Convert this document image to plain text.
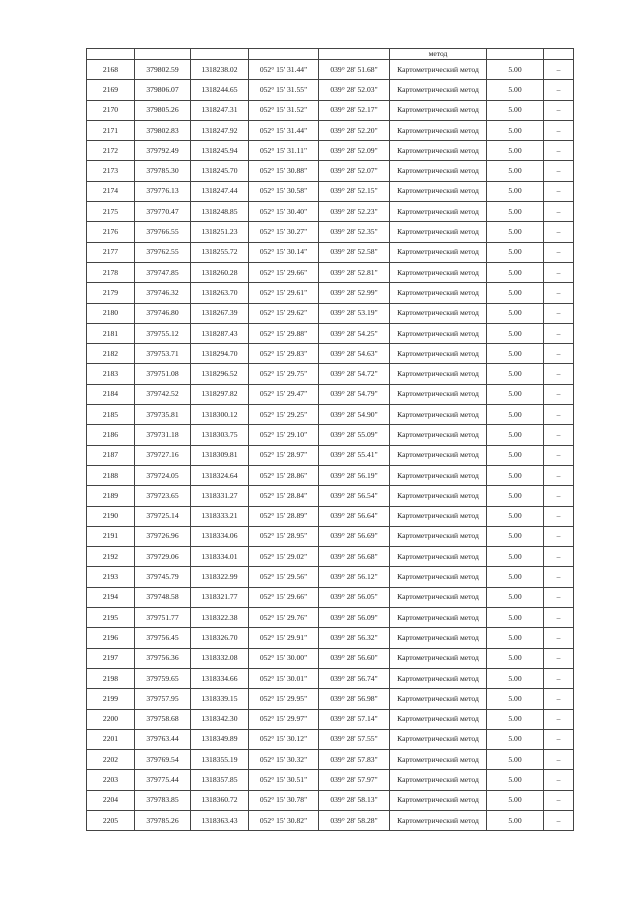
					метод		
2168	379802.59	1318238.02	052° 15' 31.44"	039° 28' 51.68"	Картометрический метод	5.00	–
2169	379806.07	1318244.65	052° 15' 31.55"	039° 28' 52.03"	Картометрический метод	5.00	–
2170	379805.26	1318247.31	052° 15' 31.52"	039° 28' 52.17"	Картометрический метод	5.00	–
2171	379802.83	1318247.92	052° 15' 31.44"	039° 28' 52.20"	Картометрический метод	5.00	–
2172	379792.49	1318245.94	052° 15' 31.11"	039° 28' 52.09"	Картометрический метод	5.00	–
2173	379785.30	1318245.70	052° 15' 30.88"	039° 28' 52.07"	Картометрический метод	5.00	–
2174	379776.13	1318247.44	052° 15' 30.58"	039° 28' 52.15"	Картометрический метод	5.00	–
2175	379770.47	1318248.85	052° 15' 30.40"	039° 28' 52.23"	Картометрический метод	5.00	–
2176	379766.55	1318251.23	052° 15' 30.27"	039° 28' 52.35"	Картометрический метод	5.00	–
2177	379762.55	1318255.72	052° 15' 30.14"	039° 28' 52.58"	Картометрический метод	5.00	–
2178	379747.85	1318260.28	052° 15' 29.66"	039° 28' 52.81"	Картометрический метод	5.00	–
2179	379746.32	1318263.70	052° 15' 29.61"	039° 28' 52.99"	Картометрический метод	5.00	–
2180	379746.80	1318267.39	052° 15' 29.62"	039° 28' 53.19"	Картометрический метод	5.00	–
2181	379755.12	1318287.43	052° 15' 29.88"	039° 28' 54.25"	Картометрический метод	5.00	–
2182	379753.71	1318294.70	052° 15' 29.83"	039° 28' 54.63"	Картометрический метод	5.00	–
2183	379751.08	1318296.52	052° 15' 29.75"	039° 28' 54.72"	Картометрический метод	5.00	–
2184	379742.52	1318297.82	052° 15' 29.47"	039° 28' 54.79"	Картометрический метод	5.00	–
2185	379735.81	1318300.12	052° 15' 29.25"	039° 28' 54.90"	Картометрический метод	5.00	–
2186	379731.18	1318303.75	052° 15' 29.10"	039° 28' 55.09"	Картометрический метод	5.00	–
2187	379727.16	1318309.81	052° 15' 28.97"	039° 28' 55.41"	Картометрический метод	5.00	–
2188	379724.05	1318324.64	052° 15' 28.86"	039° 28' 56.19"	Картометрический метод	5.00	–
2189	379723.65	1318331.27	052° 15' 28.84"	039° 28' 56.54"	Картометрический метод	5.00	–
2190	379725.14	1318333.21	052° 15' 28.89"	039° 28' 56.64"	Картометрический метод	5.00	–
2191	379726.96	1318334.06	052° 15' 28.95"	039° 28' 56.69"	Картометрический метод	5.00	–
2192	379729.06	1318334.01	052° 15' 29.02"	039° 28' 56.68"	Картометрический метод	5.00	–
2193	379745.79	1318322.99	052° 15' 29.56"	039° 28' 56.12"	Картометрический метод	5.00	–
2194	379748.58	1318321.77	052° 15' 29.66"	039° 28' 56.05"	Картометрический метод	5.00	–
2195	379751.77	1318322.38	052° 15' 29.76"	039° 28' 56.09"	Картометрический метод	5.00	–
2196	379756.45	1318326.70	052° 15' 29.91"	039° 28' 56.32"	Картометрический метод	5.00	–
2197	379756.36	1318332.08	052° 15' 30.00"	039° 28' 56.60"	Картометрический метод	5.00	–
2198	379759.65	1318334.66	052° 15' 30.01"	039° 28' 56.74"	Картометрический метод	5.00	–
2199	379757.95	1318339.15	052° 15' 29.95"	039° 28' 56.98"	Картометрический метод	5.00	–
2200	379758.68	1318342.30	052° 15' 29.97"	039° 28' 57.14"	Картометрический метод	5.00	–
2201	379763.44	1318349.89	052° 15' 30.12"	039° 28' 57.55"	Картометрический метод	5.00	–
2202	379769.54	1318355.19	052° 15' 30.32"	039° 28' 57.83"	Картометрический метод	5.00	–
2203	379775.44	1318357.85	052° 15' 30.51"	039° 28' 57.97"	Картометрический метод	5.00	–
2204	379783.85	1318360.72	052° 15' 30.78"	039° 28' 58.13"	Картометрический метод	5.00	–
2205	379785.26	1318363.43	052° 15' 30.82"	039° 28' 58.28"	Картометрический метод	5.00	–
